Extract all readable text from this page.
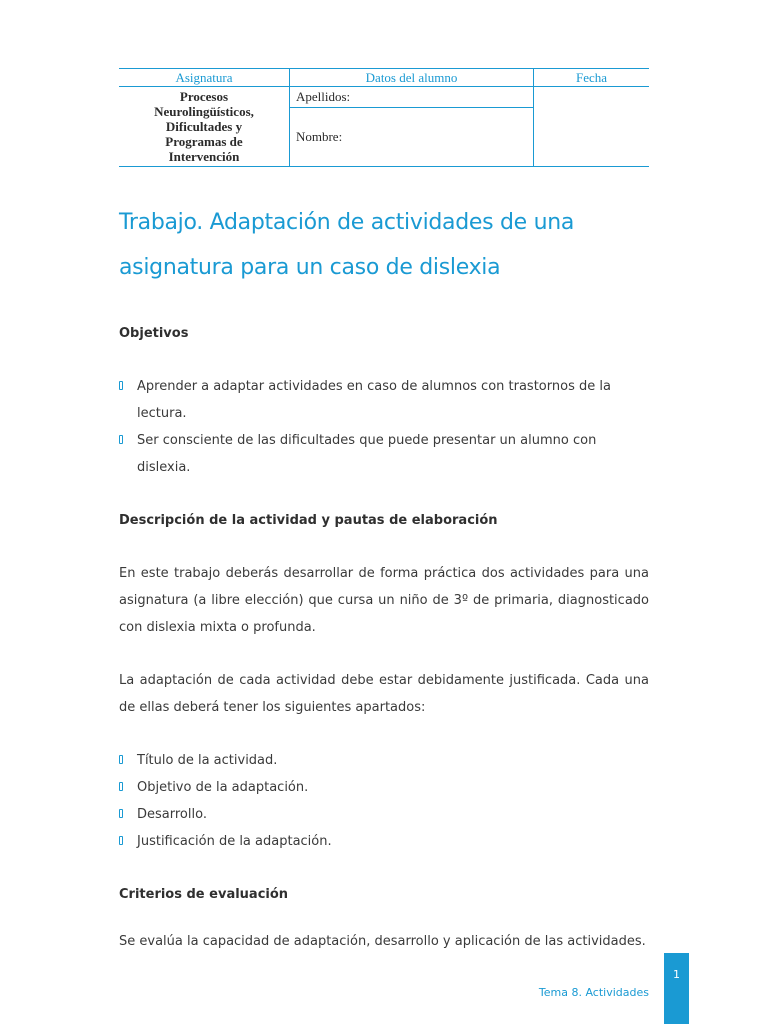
Asignatura	Datos del alumno	Fecha

Procesos
Neurolingüísticos,
Dificultades y
Programas de
Intervención	Apellidos:	
	Nombre:	
Trabajo. Adaptación de actividades de una
asignatura para un caso de dislexia

Objetivos

Aprender a adaptar actividades en caso de alumnos con trastornos de la lectura.
Ser consciente de las dificultades que puede presentar un alumno con dislexia.

Descripción de la actividad y pautas de elaboración

En este trabajo deberás desarrollar de forma práctica dos actividades para una asignatura (a libre elección) que cursa un niño de 3º de primaria, diagnosticado con dislexia mixta o profunda.

La adaptación de cada actividad debe estar debidamente justificada. Cada una de ellas deberá tener los siguientes apartados:

Título de la actividad.
Objetivo de la adaptación.
Desarrollo.
Justificación de la adaptación.

Criterios de evaluación

Se evalúa la capacidad de adaptación, desarrollo y aplicación de las actividades.

Tema 8. Actividades
1
